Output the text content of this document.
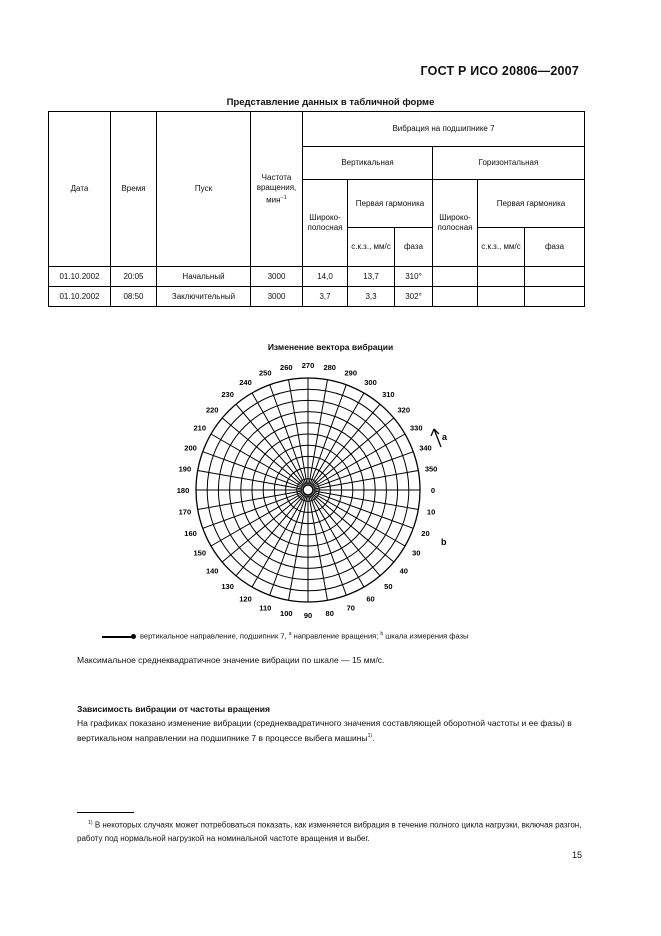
ГОСТ Р ИСО 20806—2007
Представление данных в табличной форме
Дата	Время	Пуск	Частота вращения, мин$^{-1}$	Вибрация на подшипнике 7					
				Вертикальная			Горизонтальная		
				Широко-полосная	Первая гармоника		Широко-полосная	Первая гармоника	
					с.к.з., мм/с	фаза		с.к.з., мм/с	фаза
01.10.2002	20:05	Начальный	3000	14,0	13,7	310°			
01.10.2002	08:50	Заключительный	3000	3,7	3,3	302°			
Изменение вектора вибрации
0
10
20
30
40
50
60
70
80
90
100
110
120
130
140
150
160
170
180
190
200
210
220
230
240
250
260 270 280
290
300
310
320
330
340
350
a
b
вертикальное направление, подшипник 7, $^a$ направление вращения; $^b$ шкала измерения фазы
Максимальное среднеквадратичное значение вибрации по шкале — 15 мм/с.
Зависимость вибрации от частоты вращения
На графиках показано изменение вибрации (среднеквадратичного значения составляющей оборотной частоты и ее фазы) в вертикальном направлении на подшипнике 7 в процессе выбега машины$^{1)}$.
$^{1)}$ В некоторых случаях может потребоваться показать, как изменяется вибрация в течение полного цикла нагрузки, включая разгон, работу под нормальной нагрузкой на номинальной частоте вращения и выбег.
15
